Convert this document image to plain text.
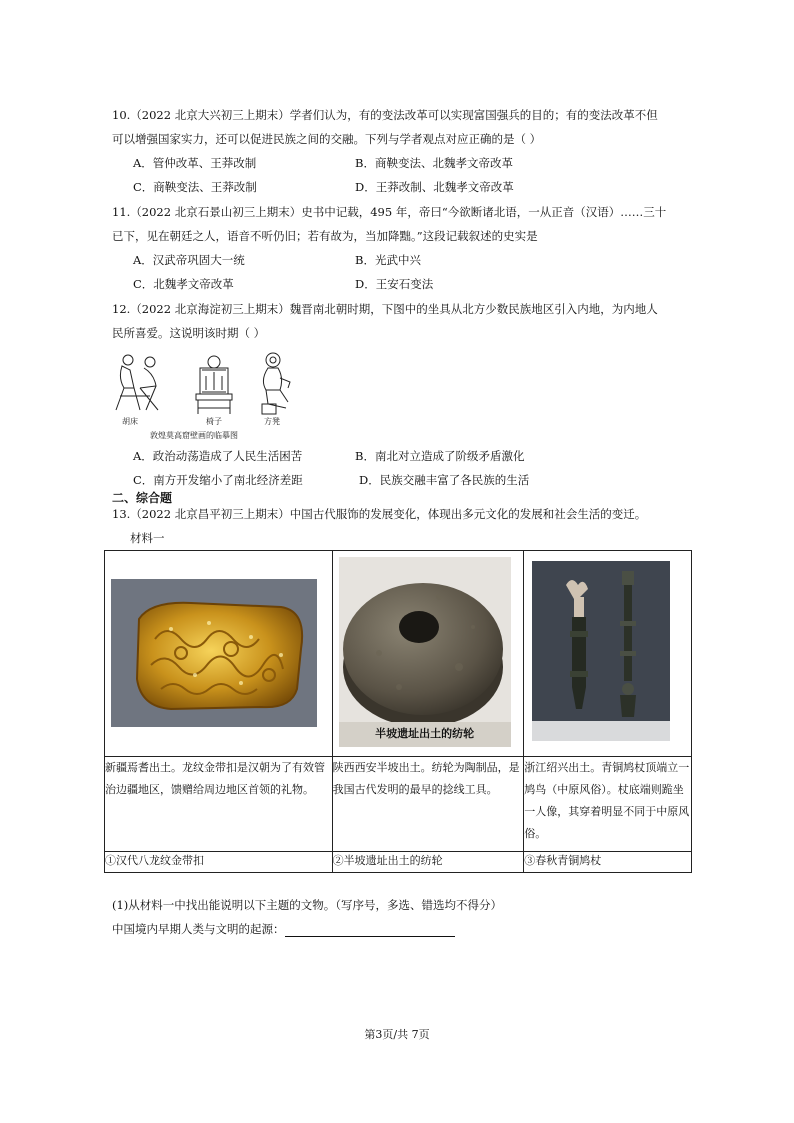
10.（2022 北京大兴初三上期末）学者们认为，有的变法改革可以实现富国强兵的目的；有的变法改革不但
可以增强国家实力，还可以促进民族之间的交融。下列与学者观点对应正确的是（ ）
A．管仲改革、王莽改制	B．商鞅变法、北魏孝文帝改革
C．商鞅变法、王莽改制	D．王莽改制、北魏孝文帝改革
11.（2022 北京石景山初三上期末）史书中记载，495 年，帝曰“今欲断诸北语，一从正音（汉语）……三十
已下，见在朝廷之人，语音不听仍旧；若有故为，当加降黜。”这段记载叙述的史实是
A．汉武帝巩固大一统	B．光武中兴
C．北魏孝文帝改革	D．王安石变法
12.（2022 北京海淀初三上期末）魏晋南北朝时期，下图中的坐具从北方少数民族地区引入内地，为内地人
民所喜爱。这说明该时期（ ）
胡床	椅子	方凳
敦煌莫高窟壁画的临摹图
A．政治动荡造成了人民生活困苦	B．南北对立造成了阶级矛盾激化
C．南方开发缩小了南北经济差距	D．民族交融丰富了各民族的生活
二、综合题
13.（2022 北京昌平初三上期末）中国古代服饰的发展变化，体现出多元文化的发展和社会生活的变迁。
材料一

半坡遗址出土的纺轮

新疆焉耆出土。龙纹金带扣是汉朝为了有效管治边疆地区，馈赠给周边地区首领的礼物。	陕西西安半坡出土。纺轮为陶制品，是我国古代发明的最早的捻线工具。	浙江绍兴出土。青铜鸠杖顶端立一鸠鸟（中原风俗）。杖底端则跪坐一人像，其穿着明显不同于中原风俗。
①汉代八龙纹金带扣	②半坡遗址出土的纺轮	③春秋青铜鸠杖
(1)从材料一中找出能说明以下主题的文物。（写序号，多选、错选均不得分）
中国境内早期人类与文明的起源：
第3页/共 7页
